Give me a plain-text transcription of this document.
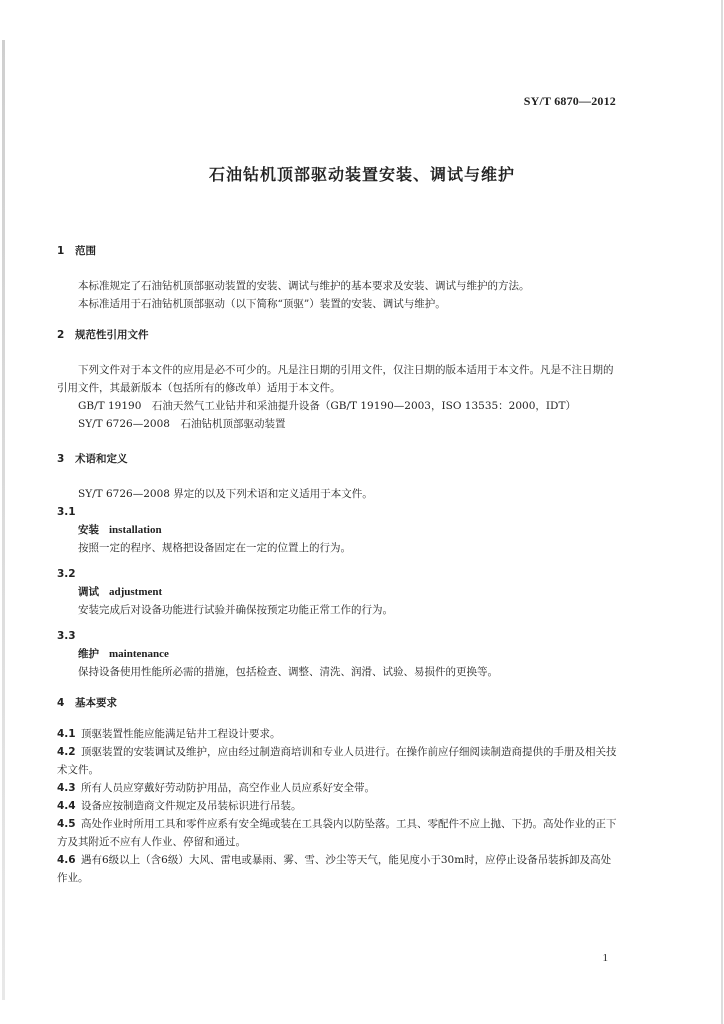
SY/T 6870—2012
石油钻机顶部驱动装置安装、调试与维护
1 范围
本标准规定了石油钻机顶部驱动装置的安装、调试与维护的基本要求及安装、调试与维护的方法。
本标准适用于石油钻机顶部驱动（以下简称“顶驱”）装置的安装、调试与维护。
2 规范性引用文件
下列文件对于本文件的应用是必不可少的。凡是注日期的引用文件，仅注日期的版本适用于本文件。凡是不注日期的引用文件，其最新版本（包括所有的修改单）适用于本文件。
GB/T 19190　石油天然气工业钻井和采油提升设备（GB/T 19190—2003，ISO 13535：2000，IDT）
SY/T 6726—2008　石油钻机顶部驱动装置
3 术语和定义
SY/T 6726—2008 界定的以及下列术语和定义适用于本文件。
3.1
安装 installation
按照一定的程序、规格把设备固定在一定的位置上的行为。
3.2
调试 adjustment
安装完成后对设备功能进行试验并确保按预定功能正常工作的行为。
3.3
维护 maintenance
保持设备使用性能所必需的措施，包括检查、调整、清洗、润滑、试验、易损件的更换等。
4 基本要求
4.1 顶驱装置性能应能满足钻井工程设计要求。
4.2 顶驱装置的安装调试及维护，应由经过制造商培训和专业人员进行。在操作前应仔细阅读制造商提供的手册及相关技术文件。
4.3 所有人员应穿戴好劳动防护用品，高空作业人员应系好安全带。
4.4 设备应按制造商文件规定及吊装标识进行吊装。
4.5 高处作业时所用工具和零件应系有安全绳或装在工具袋内以防坠落。工具、零配件不应上抛、下扔。高处作业的正下方及其附近不应有人作业、停留和通过。
4.6 遇有6级以上（含6级）大风、雷电或暴雨、雾、雪、沙尘等天气，能见度小于30m时，应停止设备吊装拆卸及高处作业。
1
